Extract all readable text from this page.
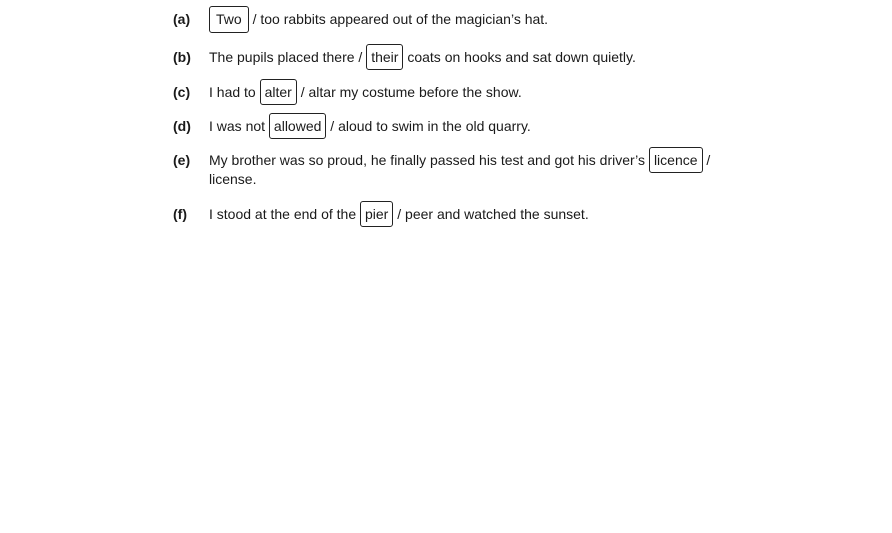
(a)	Two / too rabbits appeared out of the magician’s hat.
(b) The pupils placed there / their coats on hooks and sat down quietly.
(c) I had to alter / altar my costume before the show.
(d) I was not allowed / aloud to swim in the old quarry.
(e) My brother was so proud, he finally passed his test and got his driver’s licence / license.
(f) I stood at the end of the pier / peer and watched the sunset.
